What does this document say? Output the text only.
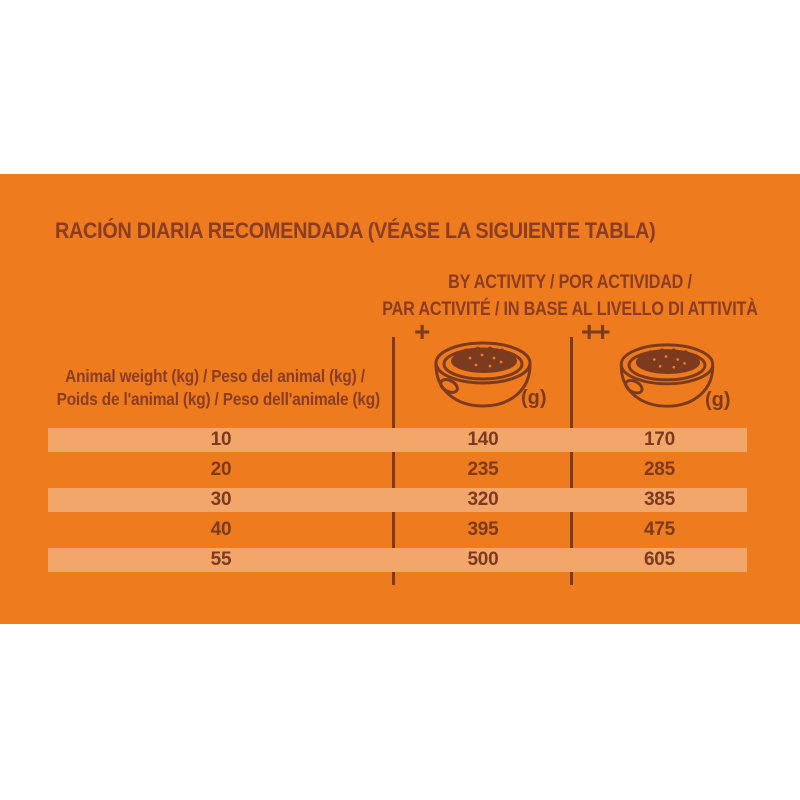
RACIÓN DIARIA RECOMENDADA (VÉASE LA SIGUIENTE TABLA)
BY ACTIVITY / POR ACTIVIDAD /
PAR ACTIVITÉ / IN BASE AL LIVELLO DI ATTIVITÀ
Animal weight (kg) / Peso del animal (kg) /
Poids de l'animal (kg) / Peso dell'animale (kg)
+
(g)
++
(g)
10	140	170
20	235	285
30	320	385
40	395	475
55	500	605
